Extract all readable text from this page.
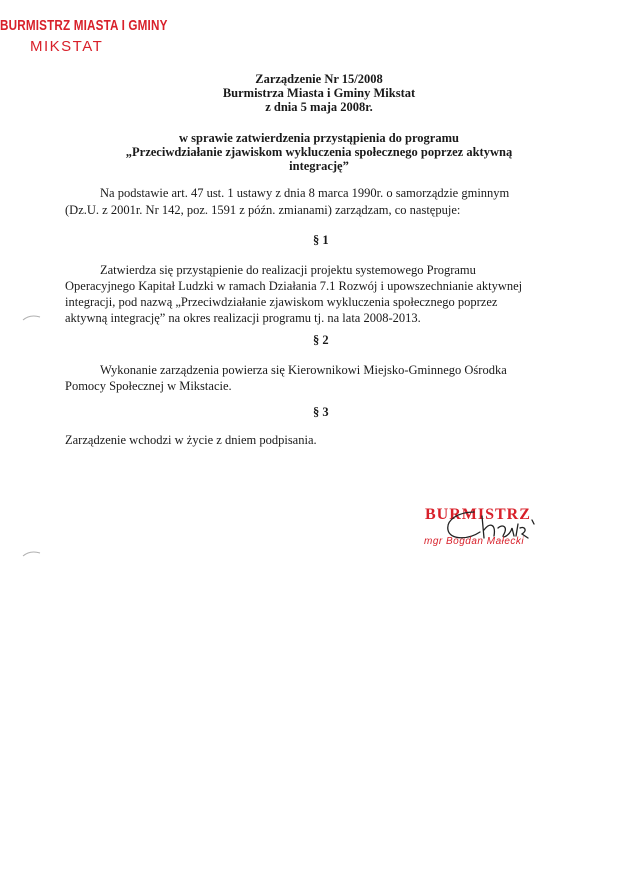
BURMISTRZ MIASTA I GMINY
MIKSTAT
Zarządzenie Nr 15/2008
Burmistrza Miasta i Gminy Mikstat
z dnia 5 maja 2008r.
w sprawie zatwierdzenia przystąpienia do programu
„Przeciwdziałanie zjawiskom wykluczenia społecznego poprzez aktywną
integrację”
Na podstawie art. 47 ust. 1 ustawy z dnia 8 marca 1990r. o samorządzie gminnym
(Dz.U. z 2001r. Nr 142, poz. 1591 z późn. zmianami) zarządzam, co następuje:
§ 1
Zatwierdza się przystąpienie do realizacji projektu systemowego Programu
Operacyjnego Kapitał Ludzki w ramach Działania 7.1 Rozwój i upowszechnianie aktywnej
integracji, pod nazwą „Przeciwdziałanie zjawiskom wykluczenia społecznego poprzez
aktywną integrację” na okres realizacji programu tj. na lata 2008-2013.
§ 2
Wykonanie zarządzenia powierza się Kierownikowi Miejsko-Gminnego Ośrodka
Pomocy Społecznej w Mikstacie.
§ 3
Zarządzenie wchodzi w życie z dniem podpisania.
BURMISTRZ
mgr Bogdan Małecki
